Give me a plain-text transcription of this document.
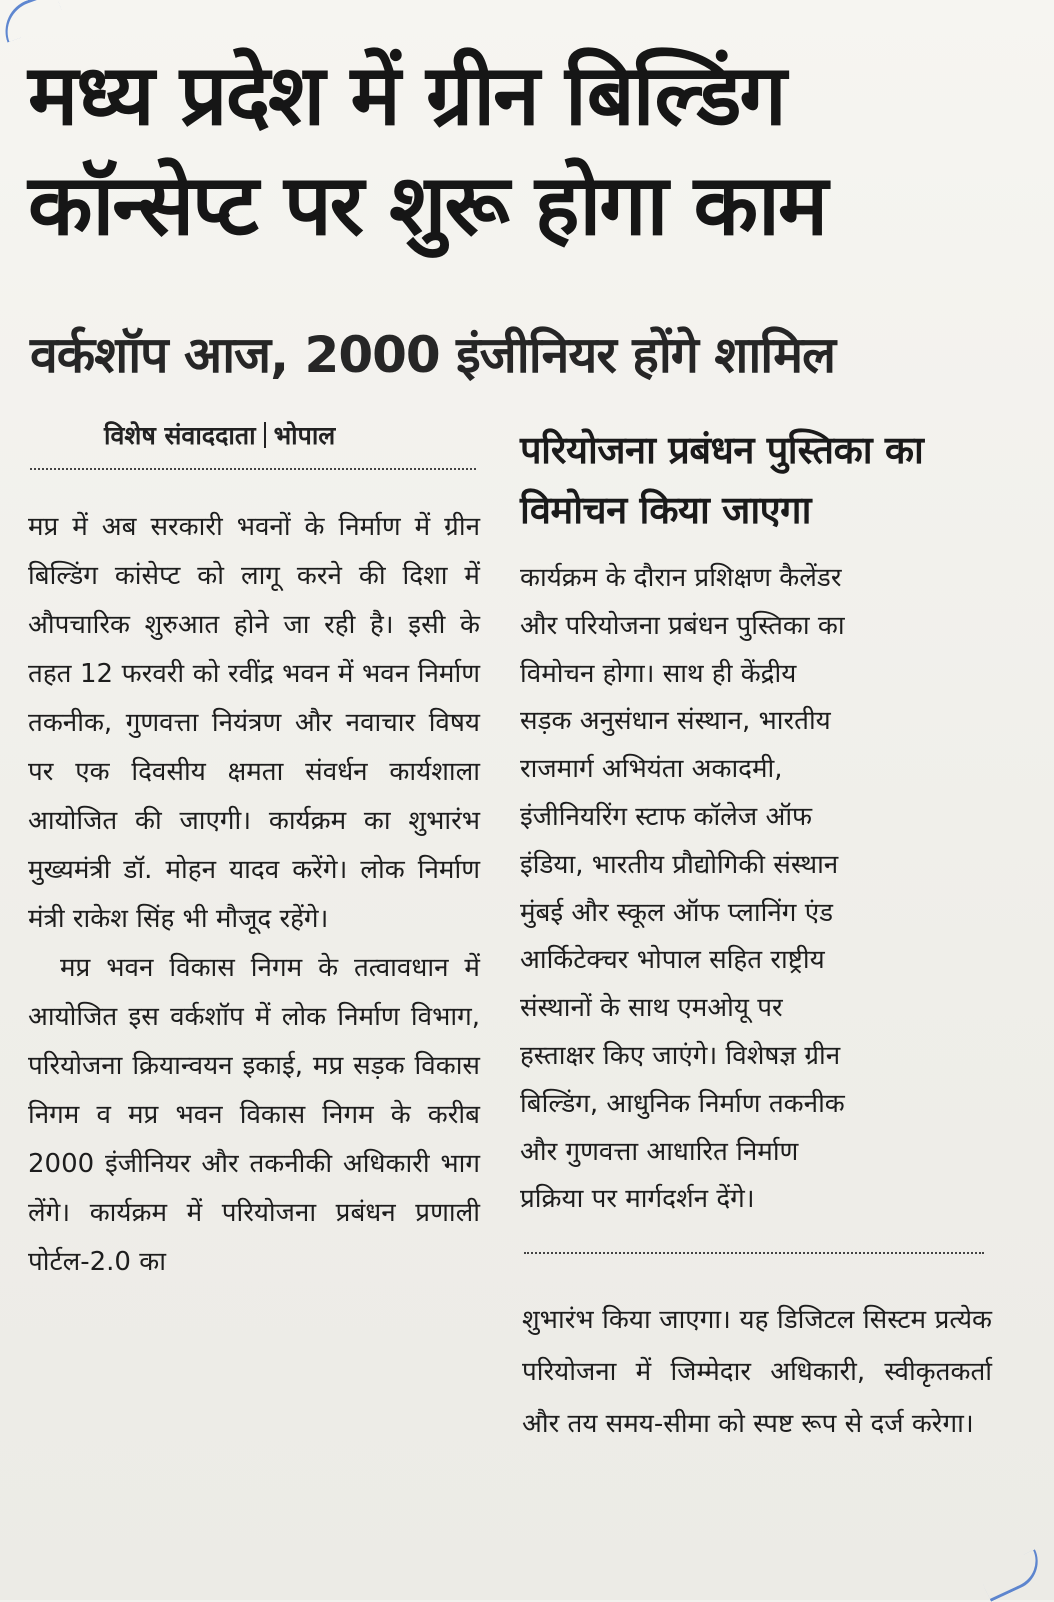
मध्य प्रदेश में ग्रीन बिल्डिंग कॉन्सेप्ट पर शुरू होगा काम
वर्कशॉप आज, 2000 इंजीनियर होंगे शामिल
विशेष संवाददाता भोपाल

मप्र में अब सरकारी भवनों के निर्माण में ग्रीन बिल्डिंग कांसेप्ट को लागू करने की दिशा में औपचारिक शुरुआत होने जा रही है। इसी के तहत 12 फरवरी को रवींद्र भवन में भवन निर्माण तकनीक, गुणवत्ता नियंत्रण और नवाचार विषय पर एक दिवसीय क्षमता संवर्धन कार्यशाला आयोजित की जाएगी। कार्यक्रम का शुभारंभ मुख्यमंत्री डॉ. मोहन यादव करेंगे। लोक निर्माण मंत्री राकेश सिंह भी मौजूद रहेंगे।

मप्र भवन विकास निगम के तत्वावधान में आयोजित इस वर्कशॉप में लोक निर्माण विभाग, परियोजना क्रियान्वयन इकाई, मप्र सड़क विकास निगम व मप्र भवन विकास निगम के करीब 2000 इंजीनियर और तकनीकी अधिकारी भाग लेंगे। कार्यक्रम में परियोजना प्रबंधन प्रणाली पोर्टल-2.0 का

परियोजना प्रबंधन पुस्तिका का विमोचन किया जाएगा

कार्यक्रम के दौरान प्रशिक्षण कैलेंडर

और परियोजना प्रबंधन पुस्तिका का

विमोचन होगा। साथ ही केंद्रीय

सड़क अनुसंधान संस्थान, भारतीय

राजमार्ग अभियंता अकादमी,

इंजीनियरिंग स्टाफ कॉलेज ऑफ

इंडिया, भारतीय प्रौद्योगिकी संस्थान

मुंबई और स्कूल ऑफ प्लानिंग एंड

आर्किटेक्चर भोपाल सहित राष्ट्रीय

संस्थानों के साथ एमओयू पर

हस्ताक्षर किए जाएंगे। विशेषज्ञ ग्रीन

बिल्डिंग, आधुनिक निर्माण तकनीक

और गुणवत्ता आधारित निर्माण

प्रक्रिया पर मार्गदर्शन देंगे।

शुभारंभ किया जाएगा। यह डिजिटल सिस्टम प्रत्येक परियोजना में जिम्मेदार अधिकारी, स्वीकृतकर्ता और तय समय-सीमा को स्पष्ट रूप से दर्ज करेगा।
